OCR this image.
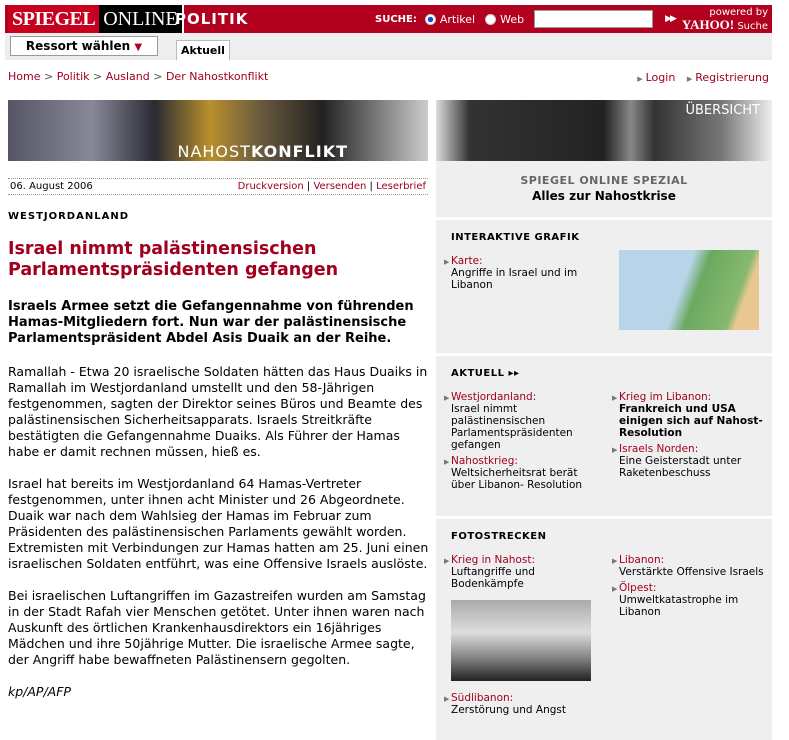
SPIEGEL ONLINE
POLITIK	SUCHE: Artikel Web	▶▶
powered by
YAHOO! Suche
Ressort wählen ▼	Aktuell
Home > Politik > Ausland > Der Nahostkonflikt	▶ Login ▶ Registrierung
NAHOSTKONFLIKT
ÜBERSICHT
06. August 2006	Druckversion | Versenden | Leserbrief
WESTJORDANLAND
Israel nimmt palästinensischen Parlamentspräsidenten gefangen
Israels Armee setzt die Gefangennahme von führenden Hamas-Mitgliedern fort. Nun war der palästinensische Parlamentspräsident Abdel Asis Duaik an der Reihe.

Ramallah - Etwa 20 israelische Soldaten hätten das Haus Duaiks in Ramallah im Westjordanland umstellt und den 58-Jährigen festgenommen, sagten der Direktor seines Büros und Beamte des palästinensischen Sicherheitsapparats. Israels Streitkräfte bestätigten die Gefangennahme Duaiks. Als Führer der Hamas habe er damit rechnen müssen, hieß es.

Israel hat bereits im Westjordanland 64 Hamas-Vertreter festgenommen, unter ihnen acht Minister und 26 Abgeordnete. Duaik war nach dem Wahlsieg der Hamas im Februar zum Präsidenten des palästinensischen Parlaments gewählt worden. Extremisten mit Verbindungen zur Hamas hatten am 25. Juni einen israelischen Soldaten entführt, was eine Offensive Israels auslöste.

Bei israelischen Luftangriffen im Gazastreifen wurden am Samstag in der Stadt Rafah vier Menschen getötet. Unter ihnen waren nach Auskunft des örtlichen Krankenhausdirektors ein 16jähriges Mädchen und ihre 50jährige Mutter. Die israelische Armee sagte, der Angriff habe bewaffneten Palästinensern gegolten.

kp/AP/AFP

SPIEGEL ONLINE SPEZIAL
Alles zur Nahostkrise
INTERAKTIVE GRAFIK
▶ Karte:
Angriffe in Israel und im Libanon
AKTUELL ▸▸
▶ Westjordanland:
Israel nimmt palästinensischen Parlamentspräsidenten gefangen
▶ Nahostkrieg:
Weltsicherheitsrat berät über Libanon- Resolution
▶ Krieg im Libanon:
Frankreich und USA einigen sich auf Nahost-Resolution
▶ Israels Norden:
Eine Geisterstadt unter Raketenbeschuss
FOTOSTRECKEN
▶ Krieg in Nahost:
Luftangriffe und Bodenkämpfe
▶ Südlibanon:
Zerstörung und Angst
▶ Libanon:
Verstärkte Offensive Israels
▶ Ölpest:
Umweltkatastrophe im Libanon
